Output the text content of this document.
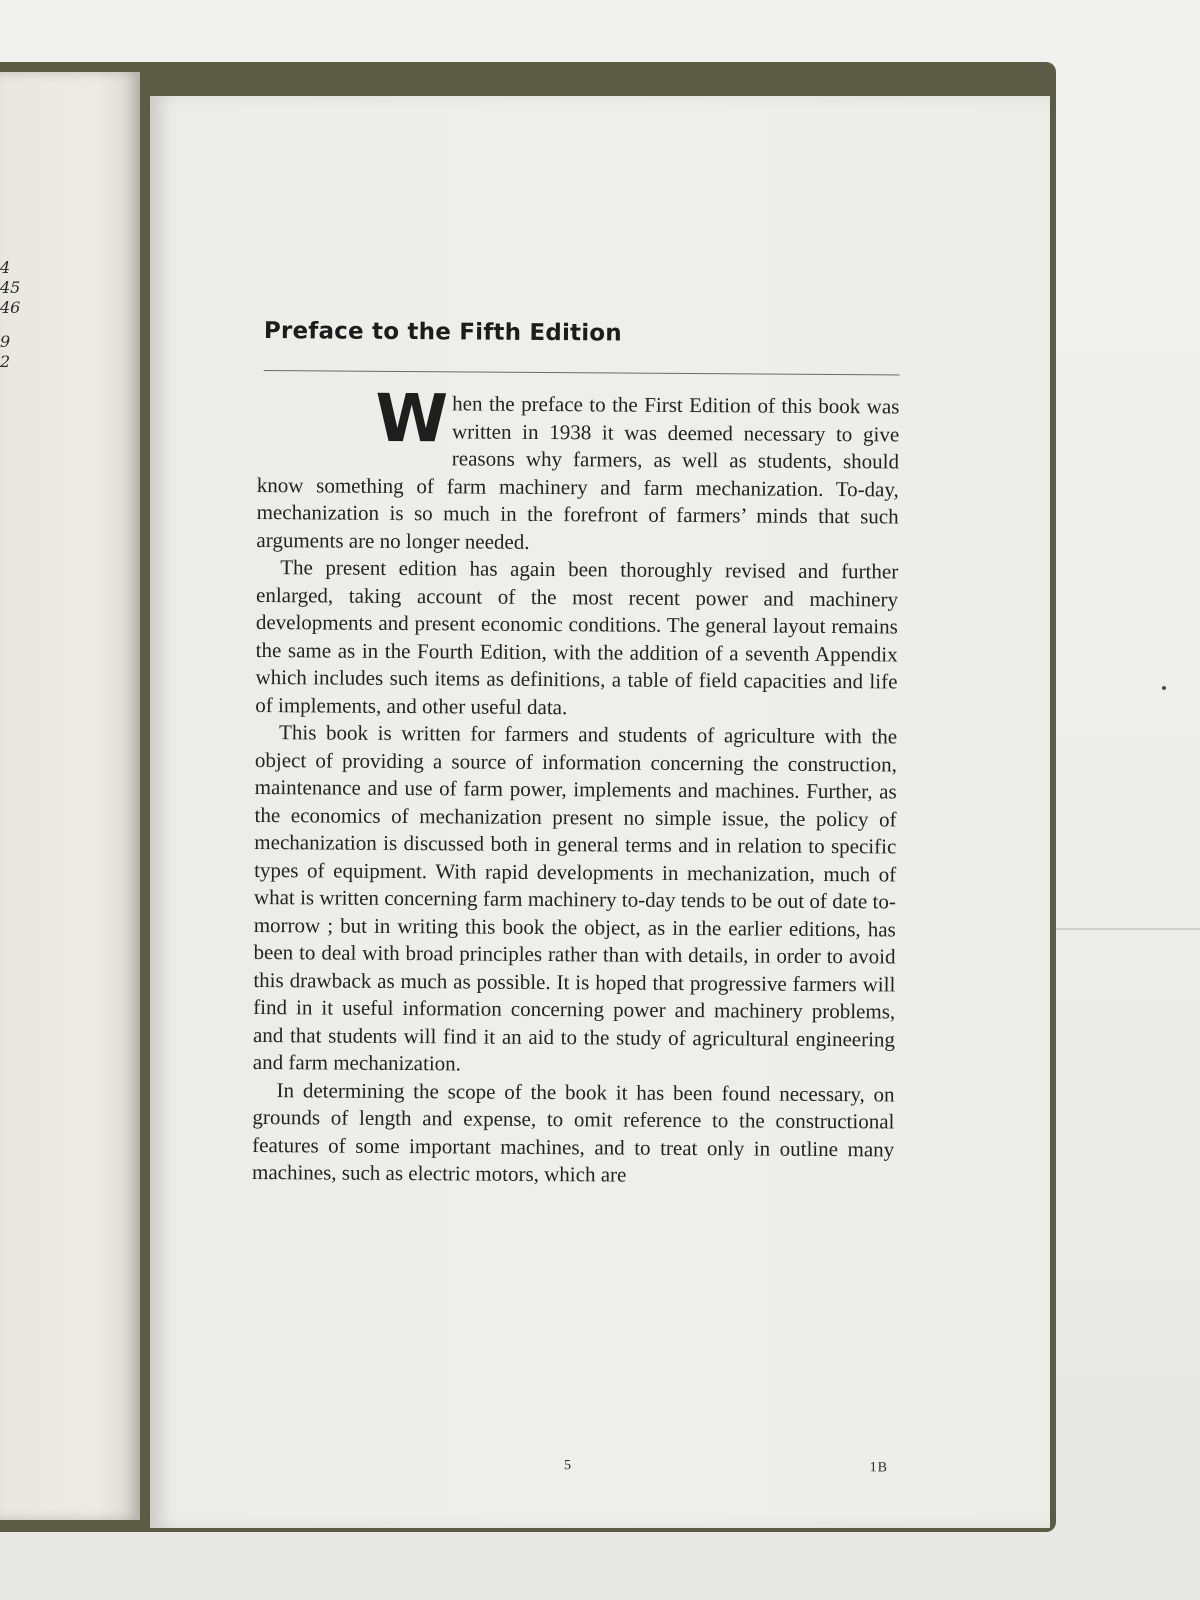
4
45
46
9
2
Preface to the Fifth Edition

When the preface to the First Edition of this book was written in 1938 it was deemed necessary to give reasons why farmers, as well as students, should know something of farm machinery and farm mechanization. To-day, mechanization is so much in the forefront of farmers’ minds that such arguments are no longer needed.

The present edition has again been thoroughly revised and further enlarged, taking account of the most recent power and machinery developments and present economic conditions. The general layout remains the same as in the Fourth Edition, with the addition of a seventh Appendix which includes such items as definitions, a table of field capacities and life of implements, and other useful data.

This book is written for farmers and students of agriculture with the object of providing a source of information concerning the construction, maintenance and use of farm power, implements and machines. Further, as the economics of mechanization present no simple issue, the policy of mechanization is discussed both in general terms and in relation to specific types of equipment. With rapid developments in mechanization, much of what is written concerning farm machinery to-day tends to be out of date to-morrow ; but in writing this book the object, as in the earlier editions, has been to deal with broad principles rather than with details, in order to avoid this drawback as much as possible. It is hoped that progressive farmers will find in it useful information concerning power and machinery problems, and that students will find it an aid to the study of agricultural engineering and farm mechanization.

In determining the scope of the book it has been found necessary, on grounds of length and expense, to omit reference to the constructional features of some important machines, and to treat only in outline many machines, such as electric motors, which are

5	1B
